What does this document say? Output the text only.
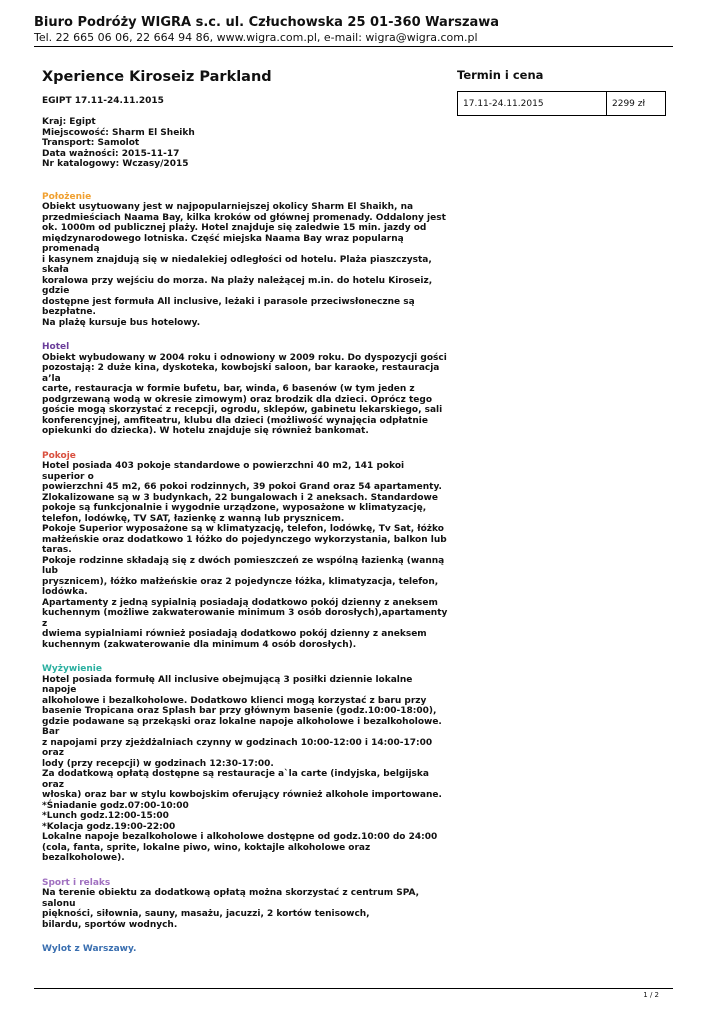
Biuro Podróży WIGRA s.c. ul. Człuchowska 25 01-360 Warszawa
Tel. 22 665 06 06, 22 664 94 86, www.wigra.com.pl, e-mail: wigra@wigra.com.pl
Xperience Kiroseiz Parkland
EGIPT 17.11-24.11.2015
Kraj: Egipt
Miejscowość: Sharm El Sheikh
Transport: Samolot
Data ważności: 2015-11-17
Nr katalogowy: Wczasy/2015
Położenie
Obiekt usytuowany jest w najpopularniejszej okolicy Sharm El Shaikh, na
przedmieściach Naama Bay, kilka kroków od głównej promenady. Oddalony jest
ok. 1000m od publicznej plaży. Hotel znajduje się zaledwie 15 min. jazdy od
międzynarodowego lotniska. Część miejska Naama Bay wraz popularną promenadą
i kasynem znajdują się w niedalekiej odległości od hotelu. Plaża piaszczysta, skała
koralowa przy wejściu do morza. Na plaży należącej m.in. do hotelu Kiroseiz, gdzie
dostępne jest formuła All inclusive, leżaki i parasole przeciwsłoneczne są
bezpłatne.
Na plażę kursuje bus hotelowy.
Hotel
Obiekt wybudowany w 2004 roku i odnowiony w 2009 roku. Do dyspozycji gości
pozostają: 2 duże kina, dyskoteka, kowbojski saloon, bar karaoke, restauracja a’la
carte, restauracja w formie bufetu, bar, winda, 6 basenów (w tym jeden z
podgrzewaną wodą w okresie zimowym) oraz brodzik dla dzieci. Oprócz tego
goście mogą skorzystać z recepcji, ogrodu, sklepów, gabinetu lekarskiego, sali
konferencyjnej, amfiteatru, klubu dla dzieci (możliwość wynajęcia odpłatnie
opiekunki do dziecka). W hotelu znajduje się również bankomat.
Pokoje
Hotel posiada 403 pokoje standardowe o powierzchni 40 m2, 141 pokoi superior o
powierzchni 45 m2, 66 pokoi rodzinnych, 39 pokoi Grand oraz 54 apartamenty.
Zlokalizowane są w 3 budynkach, 22 bungalowach i 2 aneksach. Standardowe
pokoje są funkcjonalnie i wygodnie urządzone, wyposażone w klimatyzację,
telefon, lodówkę, TV SAT, łazienkę z wanną lub prysznicem.
Pokoje Superior wyposażone są w klimatyzację, telefon, lodówkę, Tv Sat, łóżko
małżeńskie oraz dodatkowo 1 łóżko do pojedynczego wykorzystania, balkon lub
taras.
Pokoje rodzinne składają się z dwóch pomieszczeń ze wspólną łazienką (wanną lub
prysznicem), łóżko małżeńskie oraz 2 pojedyncze łóżka, klimatyzacja, telefon,
lodówka.
Apartamenty z jedną sypialnią posiadają dodatkowo pokój dzienny z aneksem
kuchennym (możliwe zakwaterowanie minimum 3 osób dorosłych),apartamenty z
dwiema sypialniami również posiadają dodatkowo pokój dzienny z aneksem
kuchennym (zakwaterowanie dla minimum 4 osób dorosłych).
Wyżywienie
Hotel posiada formułę All inclusive obejmującą 3 posiłki dziennie lokalne napoje
alkoholowe i bezalkoholowe. Dodatkowo klienci mogą korzystać z baru przy
basenie Tropicana oraz Splash bar przy głównym basenie (godz.10:00-18:00),
gdzie podawane są przekąski oraz lokalne napoje alkoholowe i bezalkoholowe. Bar
z napojami przy zjeżdżalniach czynny w godzinach 10:00-12:00 i 14:00-17:00 oraz
lody (przy recepcji) w godzinach 12:30-17:00.
Za dodatkową opłatą dostępne są restauracje a`la carte (indyjska, belgijska oraz
włoska) oraz bar w stylu kowbojskim oferujący również alkohole importowane.
*Śniadanie godz.07:00-10:00
*Lunch godz.12:00-15:00
*Kolacja godz.19:00-22:00
Lokalne napoje bezalkoholowe i alkoholowe dostępne od godz.10:00 do 24:00
(cola, fanta, sprite, lokalne piwo, wino, koktajle alkoholowe oraz bezalkoholowe).
Sport i relaks
Na terenie obiektu za dodatkową opłatą można skorzystać z centrum SPA, salonu
piękności, siłownia, sauny, masażu, jacuzzi, 2 kortów tenisowch,
bilardu, sportów wodnych.
Wylot z Warszawy.
Termin i cena
17.11-24.11.2015	2299 zł
1 / 2
